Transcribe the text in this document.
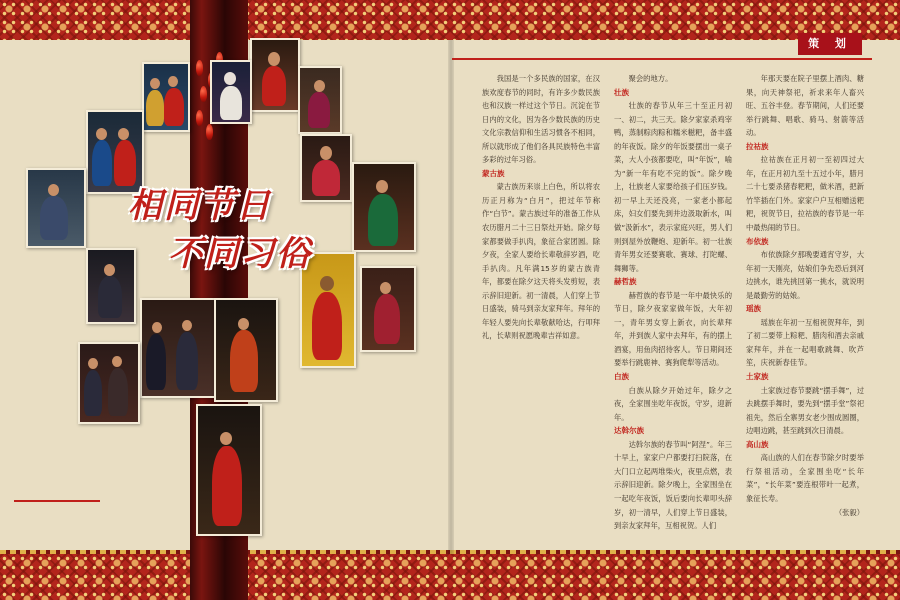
策 划
相同节日
不同习俗

我国是一个多民族的国家，在汉族欢度春节的同时，有许多少数民族也和汉族一样过这个节日。沉淀在节日内的文化，因为各少数民族的历史文化宗教信仰和生活习惯各不相同，所以就形成了他们各具民族特色丰富多彩的过年习俗。

蒙古族

蒙古族历来崇上白色，所以将农历正月称为“白月”，把过年节称作“白节”。蒙古族过年的准备工作从农历腊月二十三日祭灶开始。除夕每家都要做手扒肉，象征合家团圆。除夕夜，全家人要给长辈敬辞岁酒，吃手扒肉。凡年满15岁的蒙古族青年，都要在除夕这天将头发剪短，表示辞旧迎新。初一清晨，人们穿上节日盛装，骑马到亲友家拜年。拜年的年轻人要先向长辈敬献哈达，行叩拜礼，长辈则祝愿晚辈吉祥如意。

聚会的地方。

壮族

壮族的春节从年三十至正月初一、初二，共三天。除夕家家杀鸡宰鸭，蒸制粽肉粽和糯米糍粑，备丰盛的年夜饭。除夕的年饭要摆出一桌子菜，大人小孩都要吃，叫“年饭”，喻为“新一年有吃不完的饭”。除夕晚上，壮族老人家要给孩子们压岁钱。初一早上天还没亮，一家老小都起床，妇女们要先到井边汲取新水，叫做“汲新水”，表示家庭兴旺，男人们则到屋外放鞭炮、迎新年。初一壮族青年男女还要赛歌、赛球、打陀螺、舞狮等。

赫哲族

赫哲族的春节是一年中最快乐的节日，除夕夜家家做年饭，大年初一，青年男女穿上新衣，向长辈拜年，并到族人家中去拜年，有的摆上酒宴，用鱼肉招待客人。节日期间还要举行跳鹿神、赛狗爬犁等活动。

白族

白族从除夕开始过年，除夕之夜，全家围坐吃年夜饭，守岁，迎新年。

达斡尔族

达斡尔族的春节叫“阿涅”。年三十早上，家家户户都要打扫院落，在大门口立起两堆柴火，夜里点燃，表示辞旧迎新。除夕晚上，全家围坐在一起吃年夜饭，饭后要向长辈叩头辞岁，初一清早，人们穿上节日盛装，到亲友家拜年，互相祝贺。人们

年那天要在院子里摆上酒肉、糖果，向天神祭祀，祈求来年人畜兴旺、五谷丰登。春节期间，人们还要举行跳舞、唱歌、骑马、射箭等活动。

拉祜族

拉祜族在正月初一至初四过大年，在正月初九至十五过小年，腊月二十七要杀猪春粑粑，做米酒，把新竹竿插在门外。家家户户互相赠送粑粑，祝贺节日，拉祜族的春节是一年中最热闹的节日。

布依族

布依族除夕那晚要通宵守岁，大年初一天刚亮，姑娘们争先恐后到河边挑水，谁先挑回第一挑水，就说明是最勤劳的姑娘。

瑶族

瑶族在年初一互相祝贺拜年，到了初二要带上粽粑、腊肉和酒去亲戚家拜年，并在一起唱歌跳舞、吹芦笙，庆祝新春佳节。

土家族

土家族过春节要跳“摆手舞”，过去跳摆手舞时，要先到“摆手堂”祭祀祖先，然后全寨男女老少围成圆圈，边唱边跳，甚至跳到次日清晨。

高山族

高山族的人们在春节除夕时要举行祭祖活动，全家围坐吃“长年菜”，“长年菜”要连根带叶一起煮，象征长寿。

（张毅）
